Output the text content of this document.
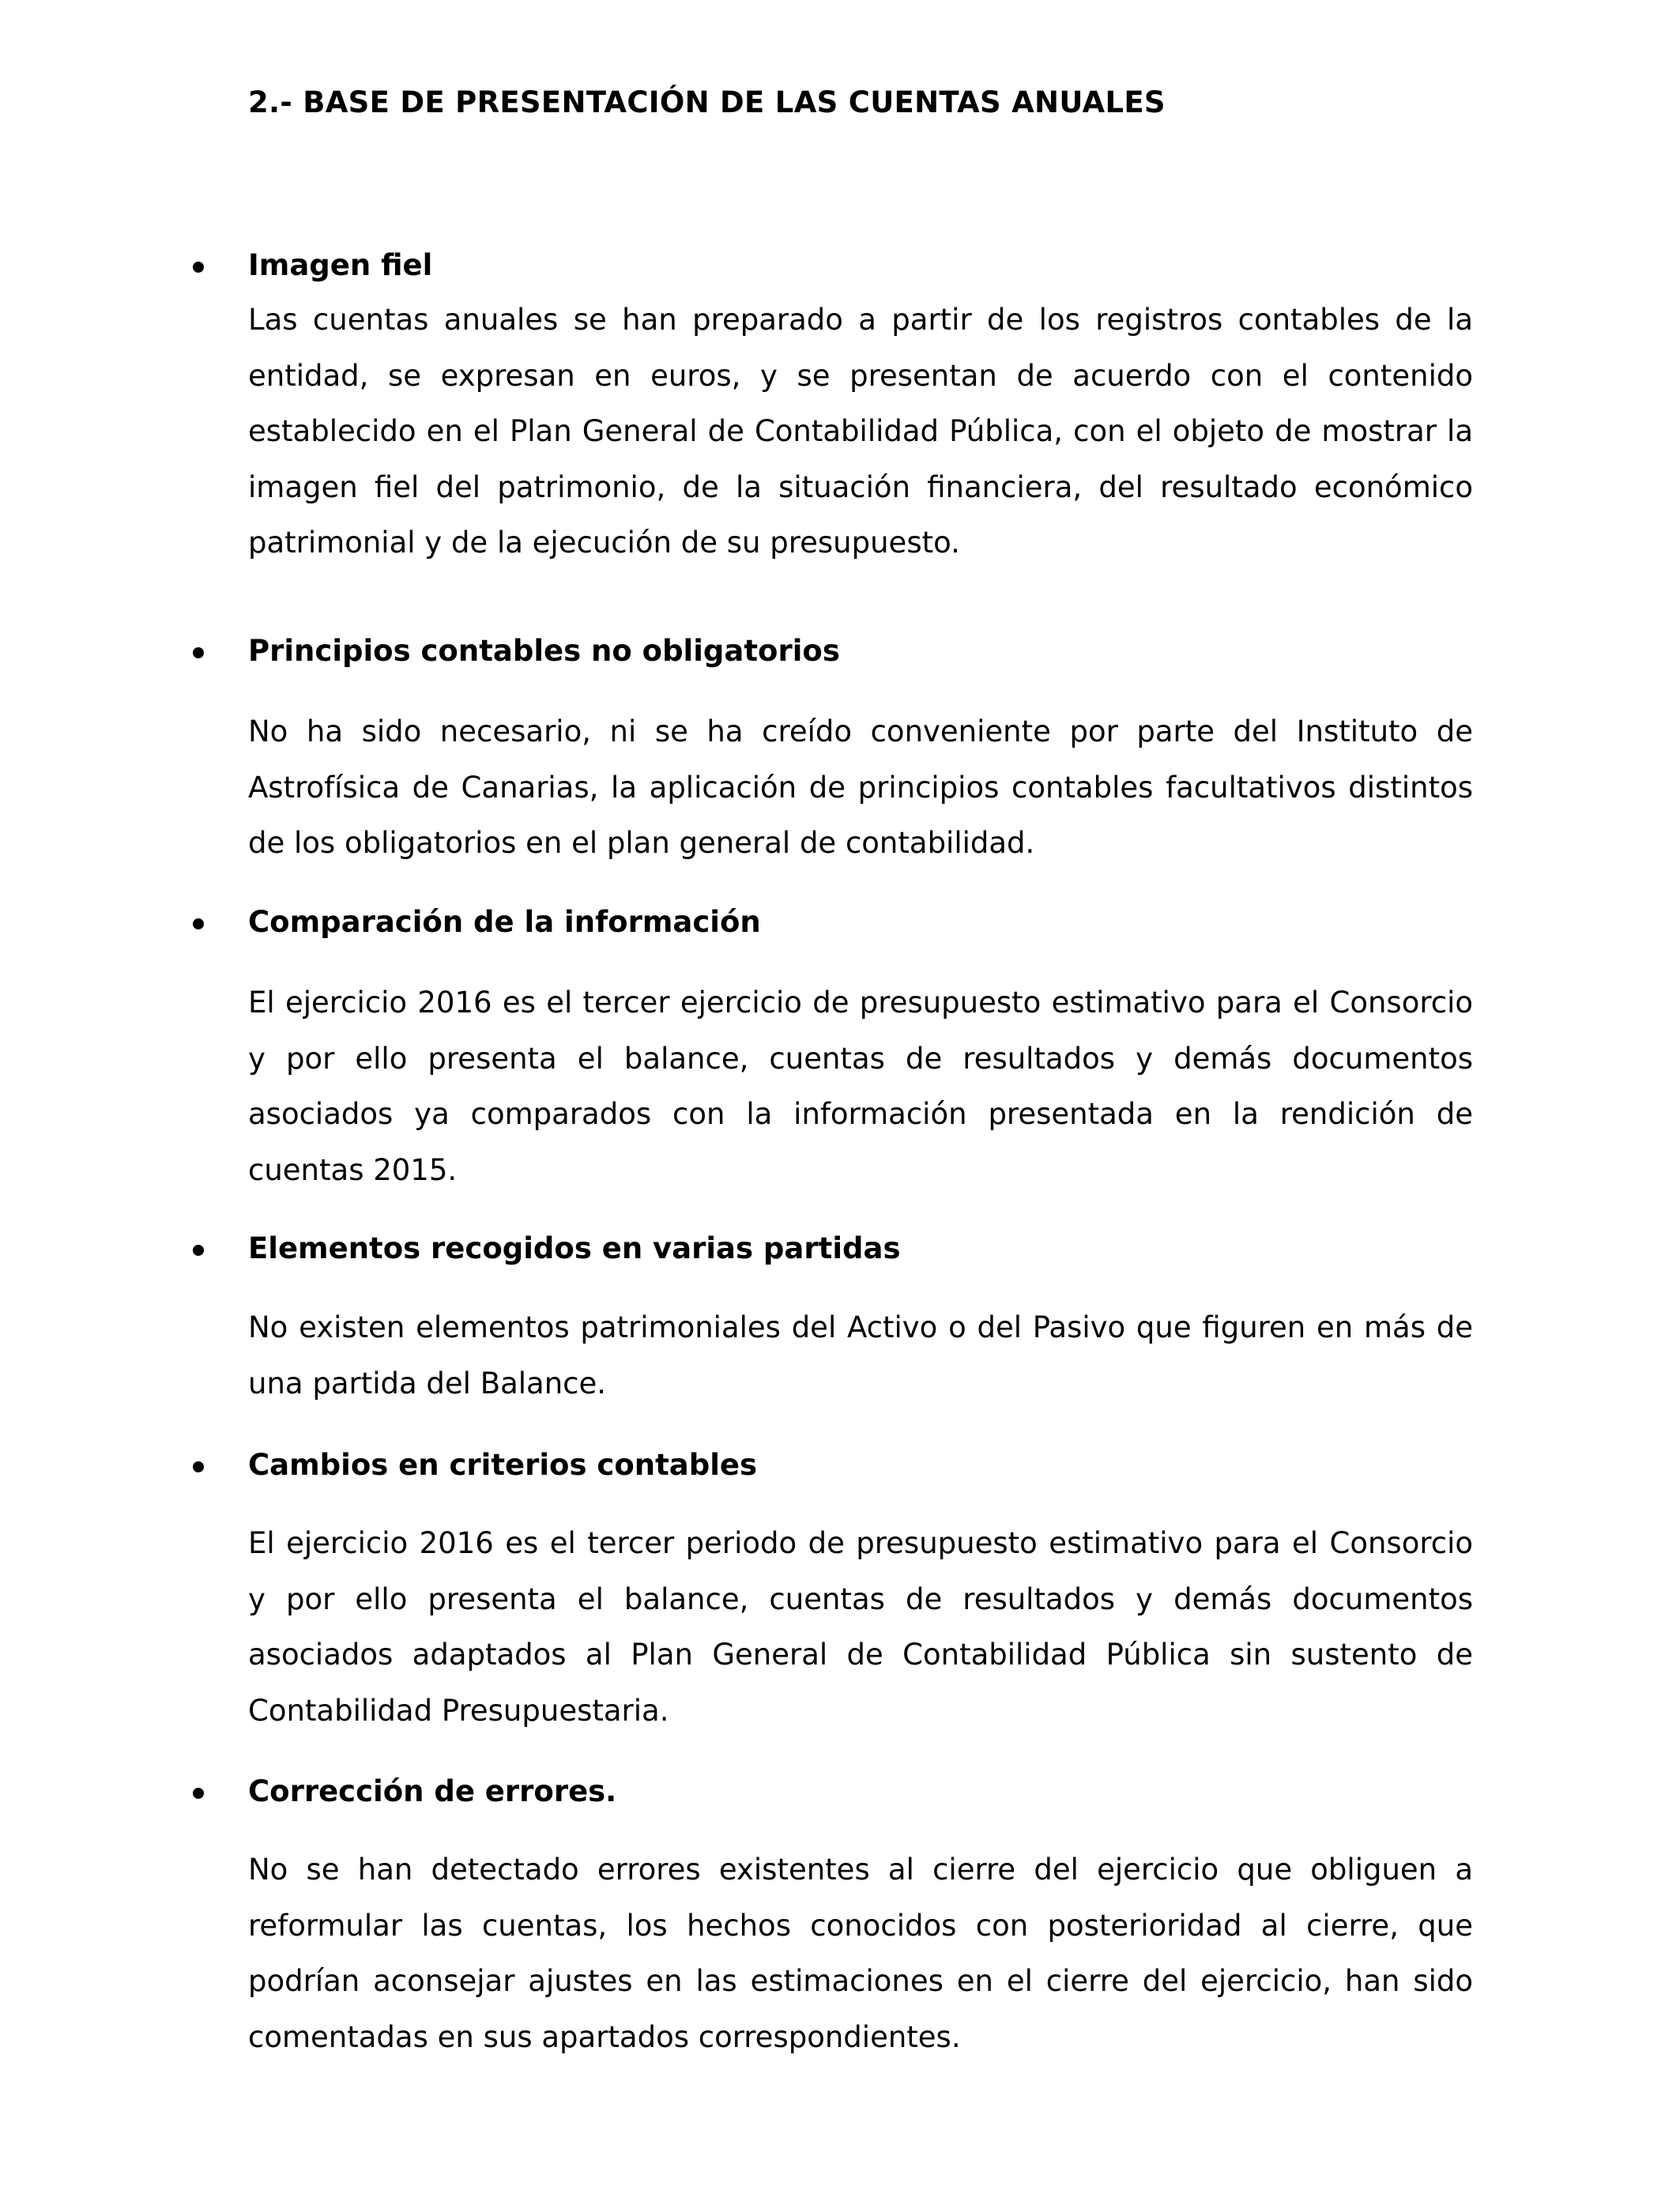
2.- BASE DE PRESENTACIÓN DE LAS CUENTAS ANUALES
Imagen fiel

Las cuentas anuales se han preparado a partir de los registros contables de la entidad, se expresan en euros, y se presentan de acuerdo con el contenido establecido en el Plan General de Contabilidad Pública, con el objeto de mostrar la imagen fiel del patrimonio, de la situación financiera, del resultado económico patrimonial y de la ejecución de su presupuesto.

Principios contables no obligatorios

No ha sido necesario, ni se ha creído conveniente por parte del Instituto de Astrofísica de Canarias, la aplicación de principios contables facultativos distintos de los obligatorios en el plan general de contabilidad.

Comparación de la información

El ejercicio 2016 es el tercer ejercicio de presupuesto estimativo para el Consorcio y por ello presenta el balance, cuentas de resultados y demás documentos asociados ya comparados con la información presentada en la rendición de cuentas 2015.

Elementos recogidos en varias partidas

No existen elementos patrimoniales del Activo o del Pasivo que figuren en más de una partida del Balance.

Cambios en criterios contables

El ejercicio 2016 es el tercer periodo de presupuesto estimativo para el Consorcio y por ello presenta el balance, cuentas de resultados y demás documentos asociados adaptados al Plan General de Contabilidad Pública sin sustento de Contabilidad Presupuestaria.

Corrección de errores.

No se han detectado errores existentes al cierre del ejercicio que obliguen a reformular las cuentas, los hechos conocidos con posterioridad al cierre, que podrían aconsejar ajustes en las estimaciones en el cierre del ejercicio, han sido comentadas en sus apartados correspondientes.
